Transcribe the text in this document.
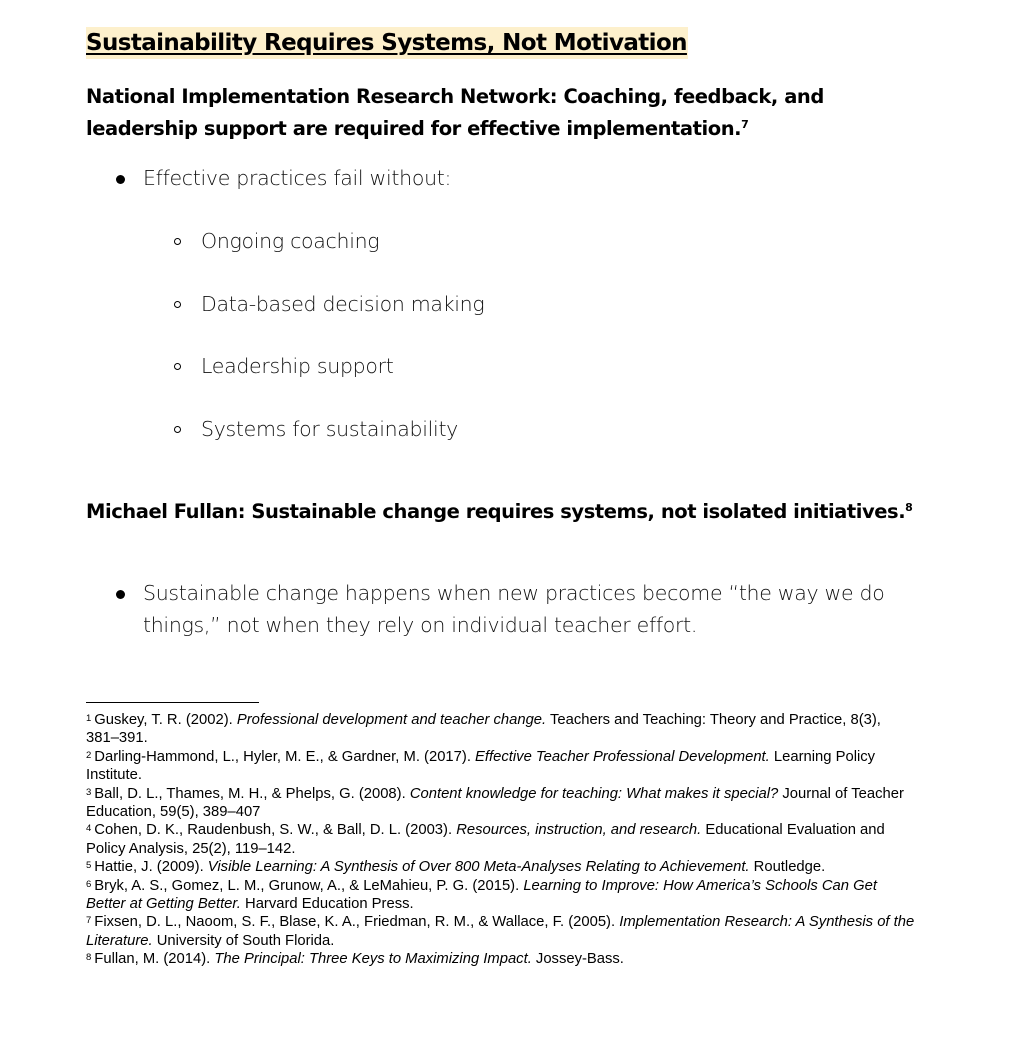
Sustainability Requires Systems, Not Motivation
National Implementation Research Network: Coaching, feedback, and leadership support are required for effective implementation.$^7$
Effective practices fail without:
Ongoing coaching
Data-based decision making
Leadership support
Systems for sustainability
Michael Fullan: Sustainable change requires systems, not isolated initiatives.$^8$
Sustainable change happens when new practices become “the way we do things,” not when they rely on individual teacher effort.

$^1$ Guskey, T. R. (2002). Professional development and teacher change. Teachers and Teaching: Theory and Practice, 8(3), 381–391.

$^2$ Darling-Hammond, L., Hyler, M. E., & Gardner, M. (2017). Effective Teacher Professional Development. Learning Policy Institute.

$^3$ Ball, D. L., Thames, M. H., & Phelps, G. (2008). Content knowledge for teaching: What makes it special? Journal of Teacher Education, 59(5), 389–407

$^4$ Cohen, D. K., Raudenbush, S. W., & Ball, D. L. (2003). Resources, instruction, and research. Educational Evaluation and Policy Analysis, 25(2), 119–142.

$^5$ Hattie, J. (2009). Visible Learning: A Synthesis of Over 800 Meta-Analyses Relating to Achievement. Routledge.

$^6$ Bryk, A. S., Gomez, L. M., Grunow, A., & LeMahieu, P. G. (2015). Learning to Improve: How America’s Schools Can Get Better at Getting Better. Harvard Education Press.

$^7$ Fixsen, D. L., Naoom, S. F., Blase, K. A., Friedman, R. M., & Wallace, F. (2005). Implementation Research: A Synthesis of the Literature. University of South Florida.

$^8$ Fullan, M. (2014). The Principal: Three Keys to Maximizing Impact. Jossey-Bass.
